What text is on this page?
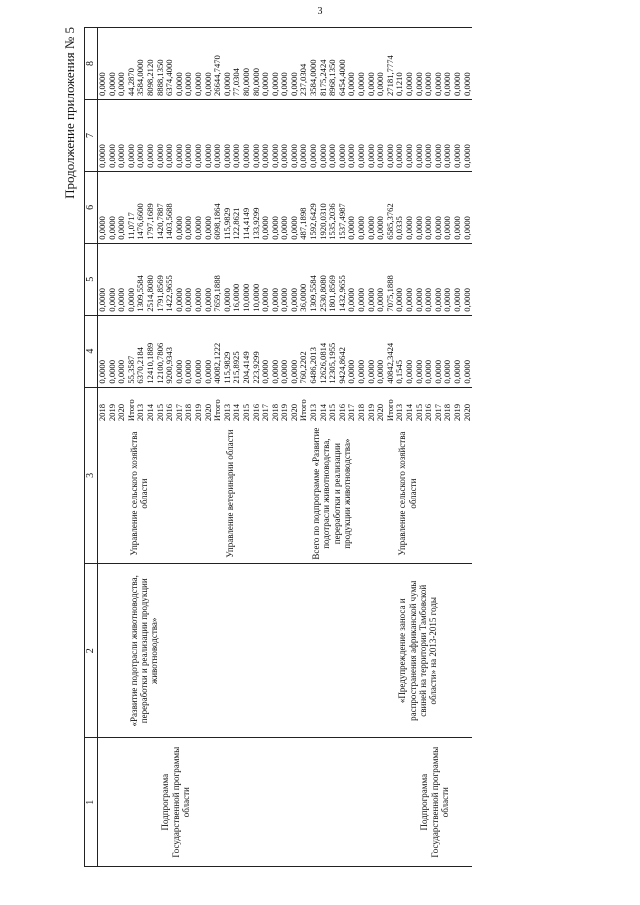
3
Продолжение приложения № 5
1	2	3		4	5	6	7	8
			2018	0,0000	0,0000	0,0000	0,0000	0,0000
			2019	0,0000	0,0000	0,0000	0,0000	0,0000
			2020	0,0000	0,0000	0,0000	0,0000	0,0000
Подпрограмма Государственной программы области	«Развитие подотрасли животноводства, переработки и реализации продукции животноводства»	Управление сельского хозяйства области	Итого	55,3587	0,0000	11,0717	0,0000	44,2870
			2013	6370,2184	1309,5584	1476,6600	0,0000	3584,0000
			2014	12410,1889	2514,8080	1797,1689	0,0000	8098,2120
			2015	12100,7806	1791,8569	1420,7887	0,0000	8888,1350
			2016	9200,9343	1422,9655	1403,5688	0,0000	6374,4000
			2017	0,0000	0,0000	0,0000	0,0000	0,0000
			2018	0,0000	0,0000	0,0000	0,0000	0,0000
			2019	0,0000	0,0000	0,0000	0,0000	0,0000
			2020	0,0000	0,0000	0,0000	0,0000	0,0000
			Итого	40082,1222	7659,1888	6098,1864	0,0000	26644,7470
		Управление ветеринарии области	2013	115,9829	0,0000	115,9829	0,0000	0,0000
			2014	215,8925	16,0000	122,8621	0,0000	77,0304
			2015	204,4149	10,0000	114,4149	0,0000	80,0000
			2016	223,9299	10,0000	133,9299	0,0000	80,0000
			2017	0,0000	0,0000	0,0000	0,0000	0,0000
			2018	0,0000	0,0000	0,0000	0,0000	0,0000
			2019	0,0000	0,0000	0,0000	0,0000	0,0000
			2020	0,0000	0,0000	0,0000	0,0000	0,0000
			Итого	760,2202	36,0000	487,1898	0,0000	237,0304
		Всего по подпрограмме «Развитие подотрасли животноводства, переработки и реализации продукции животноводства»	2013	6486,2013	1309,5584	1592,6429	0,0000	3584,0000
			2014	12626,0814	2530,8080	1920,0310	0,0000	8175,2424
			2015	12305,1955	1801,8569	1535,2036	0,0000	8968,1350
			2016	9424,8642	1432,9655	1537,4987	0,0000	6454,4000
			2017	0,0000	0,0000	0,0000	0,0000	0,0000
			2018	0,0000	0,0000	0,0000	0,0000	0,0000
			2019	0,0000	0,0000	0,0000	0,0000	0,0000
			2020	0,0000	0,0000	0,0000	0,0000	0,0000
			Итого	40842,3424	7075,1888	6585,3762	0,0000	27181,7774
Подпрограмма Государственной программы области	«Предупреждение заноса и распространения африканской чумы свиней на территории Тамбовской области» на 2013-2015 годы	Управление сельского хозяйства области	2013	0,1545	0,0000	0,0335	0,0000	0,1210
			2014	0,0000	0,0000	0,0000	0,0000	0,0000
			2015	0,0000	0,0000	0,0000	0,0000	0,0000
			2016	0,0000	0,0000	0,0000	0,0000	0,0000
			2017	0,0000	0,0000	0,0000	0,0000	0,0000
			2018	0,0000	0,0000	0,0000	0,0000	0,0000
			2019	0,0000	0,0000	0,0000	0,0000	0,0000
			2020	0,0000	0,0000	0,0000	0,0000	0,0000
